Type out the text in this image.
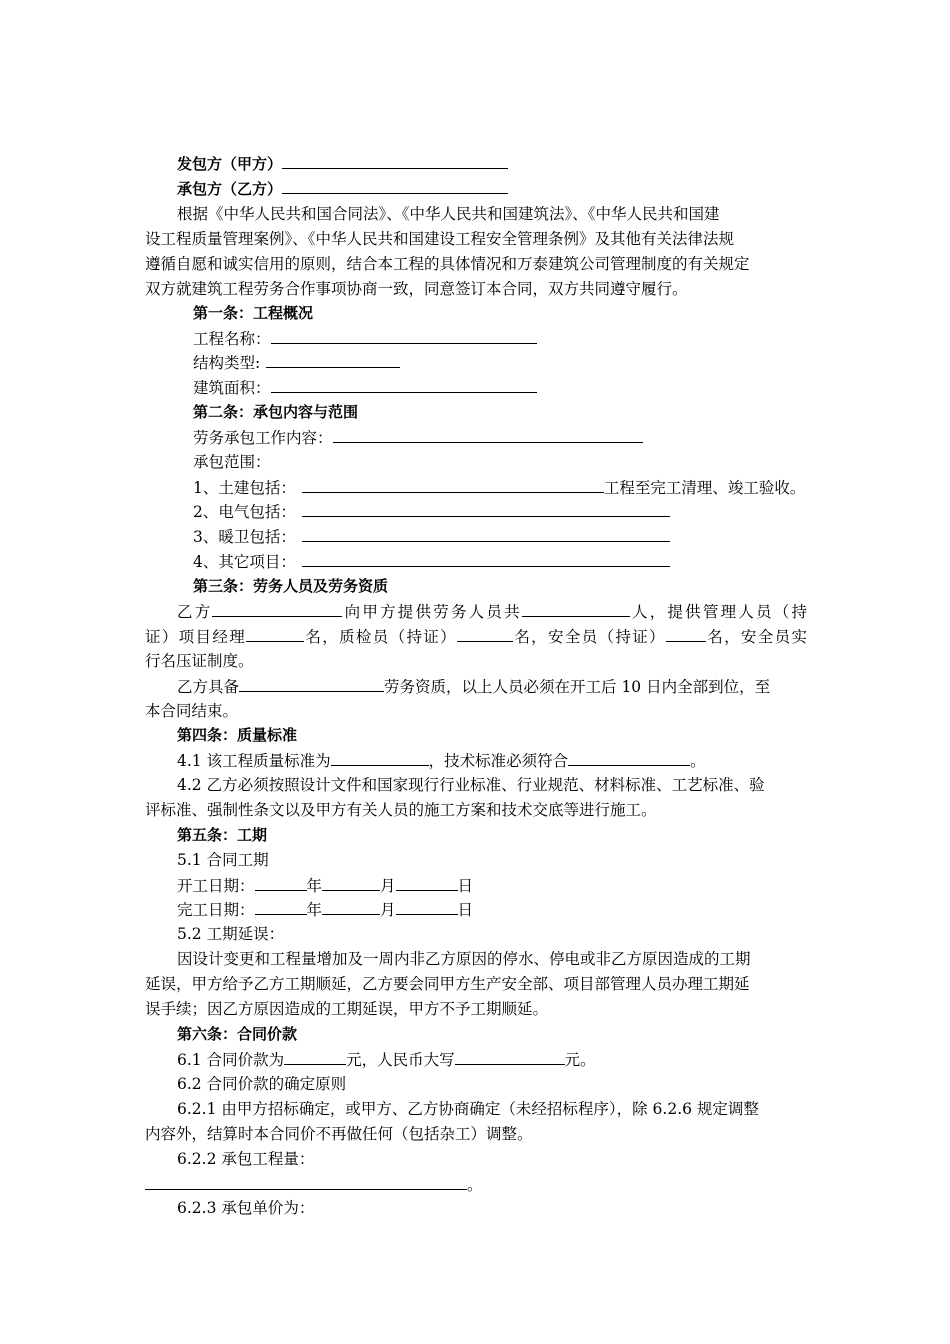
发包方（甲方）
承包方（乙方）
根据《中华人民共和国合同法》、《中华人民共和国建筑法》、《中华人民共和国建
设工程质量管理案例》、《中华人民共和国建设工程安全管理条例》及其他有关法律法规
遵循自愿和诚实信用的原则，结合本工程的具体情况和万泰建筑公司管理制度的有关规定
双方就建筑工程劳务合作事项协商一致，同意签订本合同，双方共同遵守履行。
第一条：工程概况
工程名称：
结构类型:
建筑面积：
第二条：承包内容与范围
劳务承包工作内容：
承包范围：
1、土建包括：	工程至完工清理、竣工验收。
2、电气包括：
3、暖卫包括：
4、其它项目：
第三条：劳务人员及劳务资质
乙方	向甲方提供劳务人员共	人，提供管理人员（持
证）项目经理	名，质检员（持证）	名，安全员（持证）	名，安全员实
行名压证制度。
乙方具备	劳务资质，以上人员必须在开工后 10 日内全部到位，至
本合同结束。
第四条：质量标准
4.1 该工程质量标准为	，技术标准必须符合	。
4.2 乙方必须按照设计文件和国家现行行业标准、行业规范、材料标准、工艺标准、验
评标准、强制性条文以及甲方有关人员的施工方案和技术交底等进行施工。
第五条：工期
5.1 合同工期
开工日期：	年	月	日
完工日期：	年	月	日
5.2 工期延误：
因设计变更和工程量增加及一周内非乙方原因的停水、停电或非乙方原因造成的工期
延误，甲方给予乙方工期顺延，乙方要会同甲方生产安全部、项目部管理人员办理工期延
误手续；因乙方原因造成的工期延误，甲方不予工期顺延。
第六条：合同价款
6.1 合同价款为	元，人民币大写	元。
6.2 合同价款的确定原则
6.2.1 由甲方招标确定，或甲方、乙方协商确定（未经招标程序），除 6.2.6 规定调整
内容外，结算时本合同价不再做任何（包括杂工）调整。
6.2.2 承包工程量：
。
6.2.3 承包单价为：
